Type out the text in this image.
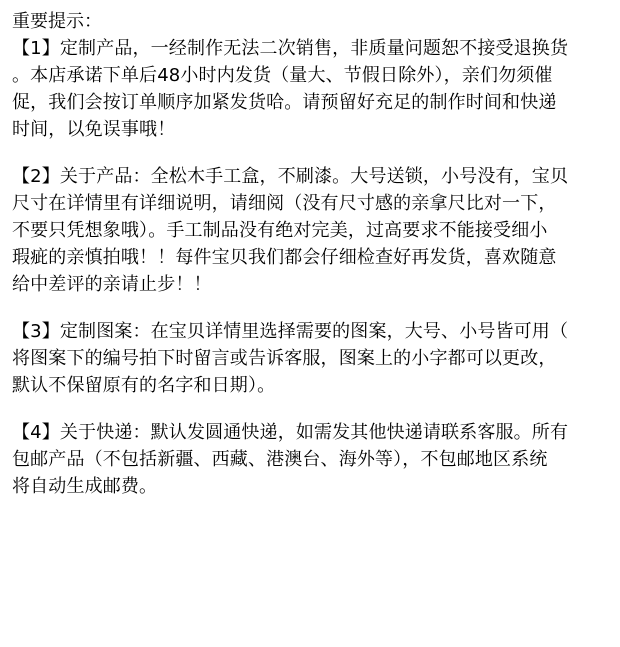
重要提示：

【1】定制产品，一经制作无法二次销售，非质量问题恕不接受退换货

。本店承诺下单后48小时内发货（量大、节假日除外），亲们勿须催

促，我们会按订单顺序加紧发货哈。请预留好充足的制作时间和快递

时间，以免误事哦！

【2】关于产品：全松木手工盒，不刷漆。大号送锁，小号没有，宝贝

尺寸在详情里有详细说明，请细阅（没有尺寸感的亲拿尺比对一下，

不要只凭想象哦）。手工制品没有绝对完美，过高要求不能接受细小

瑕疵的亲慎拍哦！！每件宝贝我们都会仔细检查好再发货，喜欢随意

给中差评的亲请止步！！

【3】定制图案：在宝贝详情里选择需要的图案，大号、小号皆可用（

将图案下的编号拍下时留言或告诉客服，图案上的小字都可以更改，

默认不保留原有的名字和日期）。

【4】关于快递：默认发圆通快递，如需发其他快递请联系客服。所有

包邮产品（不包括新疆、西藏、港澳台、海外等），不包邮地区系统

将自动生成邮费。
